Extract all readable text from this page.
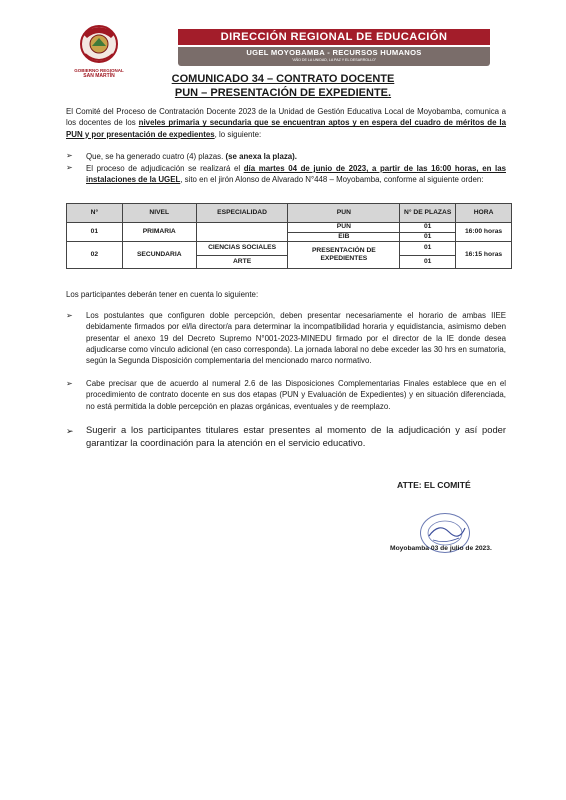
GOBIERNO REGIONAL
SAN MARTÍN
DIRECCIÓN REGIONAL DE EDUCACIÓN
UGEL MOYOBAMBA - RECURSOS HUMANOS
"AÑO DE LA UNIDAD, LA PAZ Y EL DESARROLLO"
COMUNICADO 34 – CONTRATO DOCENTE
PUN – PRESENTACIÓN DE EXPEDIENTE.
El Comité del Proceso de Contratación Docente 2023 de la Unidad de Gestión Educativa Local de Moyobamba, comunica a los docentes de los niveles primaria y secundaria que se encuentran aptos y en espera del cuadro de méritos de la PUN y por presentación de expedientes, lo siguiente:
➢ Que, se ha generado cuatro (4) plazas. (se anexa la plaza).
➢ El proceso de adjudicación se realizará el día martes 04 de junio de 2023, a partir de las 16:00 horas, en las instalaciones de la UGEL, sito en el jirón Alonso de Alvarado N°448 – Moyobamba, conforme al siguiente orden:
N°	NIVEL	ESPECIALIDAD	PUN	N° DE PLAZAS	HORA
01	PRIMARIA		PUN	01	16:00 horas
			EIB	01	
02	SECUNDARIA	CIENCIAS SOCIALES	PRESENTACIÓN DE EXPEDIENTES	01	16:15 horas
		ARTE		01	
Los participantes deberán tener en cuenta lo siguiente:
➢ Los postulantes que configuren doble percepción, deben presentar necesariamente el horario de ambas IIEE debidamente firmados por el/la director/a para determinar la incompatibilidad horaria y equidistancia, asimismo deben presentar el anexo 19 del Decreto Supremo N°001-2023-MINEDU firmado por el director de la IE donde desea adjudicarse como vínculo adicional (en caso corresponda). La jornada laboral no debe exceder las 30 hrs en sumatoria, según la Segunda Disposición complementaria del mencionado marco normativo.
➢ Cabe precisar que de acuerdo al numeral 2.6 de las Disposiciones Complementarias Finales establece que en el procedimiento de contrato docente en sus dos etapas (PUN y Evaluación de Expedientes) y en situación diferenciada, no está permitida la doble percepción en plazas orgánicas, eventuales y de reemplazo.
➢ Sugerir a los participantes titulares estar presentes al momento de la adjudicación y así poder garantizar la coordinación para la atención en el servicio educativo.
ATTE: EL COMITÉ
Moyobamba 03 de julio de 2023.
